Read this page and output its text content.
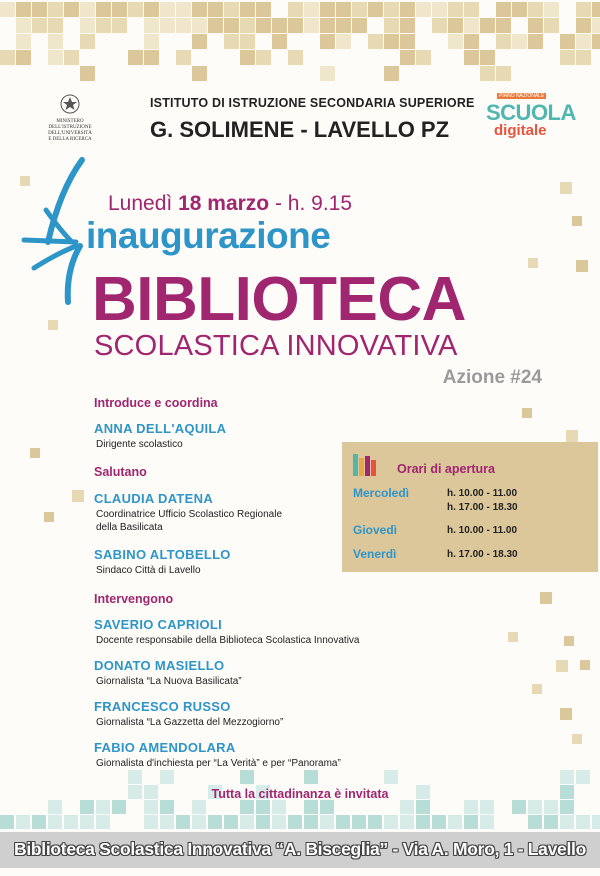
MINISTERO DELL'ISTRUZIONE DELL'UNIVERSITÀ E DELLA RICERCA

ISTITUTO DI ISTRUZIONE SECONDARIA SUPERIORE

G. SOLIMENE - LAVELLO PZ

PIANO NAZIONALE
SCUOLA
digitale

Lunedì 18 marzo - h. 9.15

inaugurazione

BIBLIOTECA

SCOLASTICA INNOVATIVA

Azione #24

Introduce e coordina

ANNA DELL'AQUILA

Dirigente scolastico

Salutano

CLAUDIA DATENA

Coordinatrice Ufficio Scolastico Regionale

della Basilicata

SABINO ALTOBELLO

Sindaco Città di Lavello

Intervengono

SAVERIO CAPRIOLI

Docente responsabile della Biblioteca Scolastica Innovativa

DONATO MASIELLO

Giornalista “La Nuova Basilicata”

FRANCESCO RUSSO

Giornalista “La Gazzetta del Mezzogiorno”

FABIO AMENDOLARA

Giornalista d'inchiesta per “La Verità” e per “Panorama”

Orari di apertura

Mercoledì	h. 10.00 - 11.00

h. 17.00 - 18.30

Giovedì	h. 10.00 - 11.00

Venerdì	h. 17.00 - 18.30

Tutta la cittadinanza è invitata

Biblioteca Scolastica Innovativa “A. Bisceglia” - Via A. Moro, 1 - Lavello
